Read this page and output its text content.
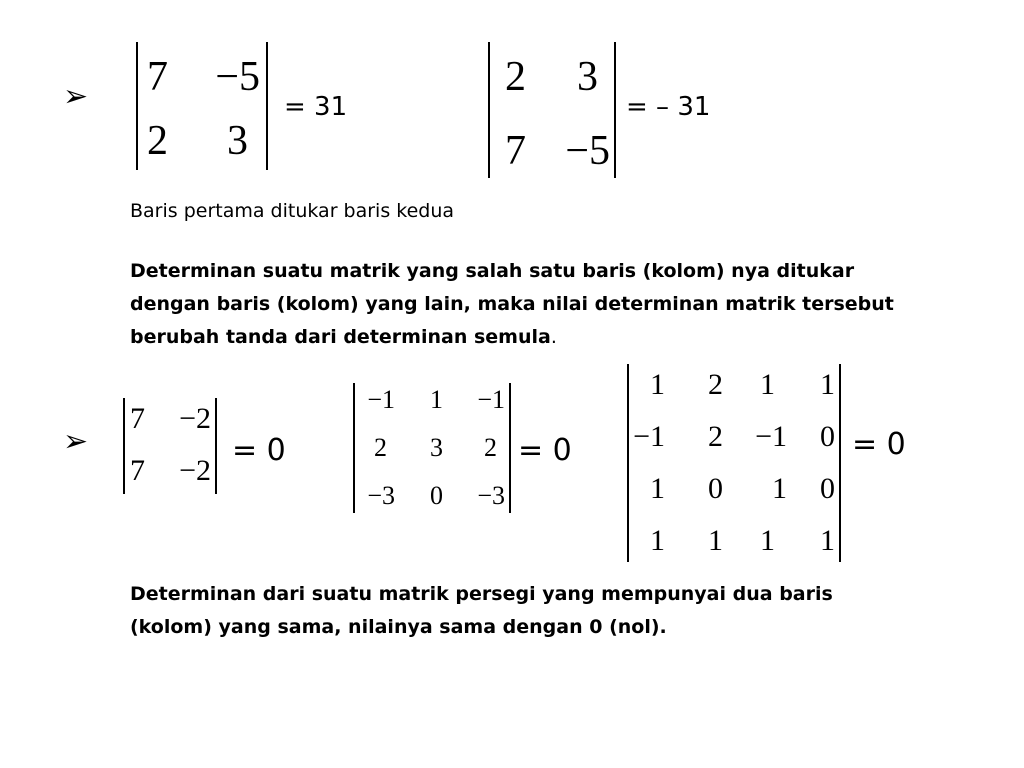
➢ 7 −5
2 3
= 31
2 3
7 −5
= – 31

Baris pertama ditukar baris kedua

Determinan suatu matrik yang salah satu baris (kolom) nya ditukar dengan baris (kolom) yang lain, maka nilai determinan matrik tersebut berubah tanda dari determinan semula.

➢
7 −2
7 −2
= 0
−1 1 −1
2 3 2
−3 0 −3
= 0
1 2 1 1
−1 2 −1 0
1 0 1 0
1 1 1 1
= 0

Determinan dari suatu matrik persegi yang mempunyai dua baris (kolom) yang sama, nilainya sama dengan 0 (nol).
